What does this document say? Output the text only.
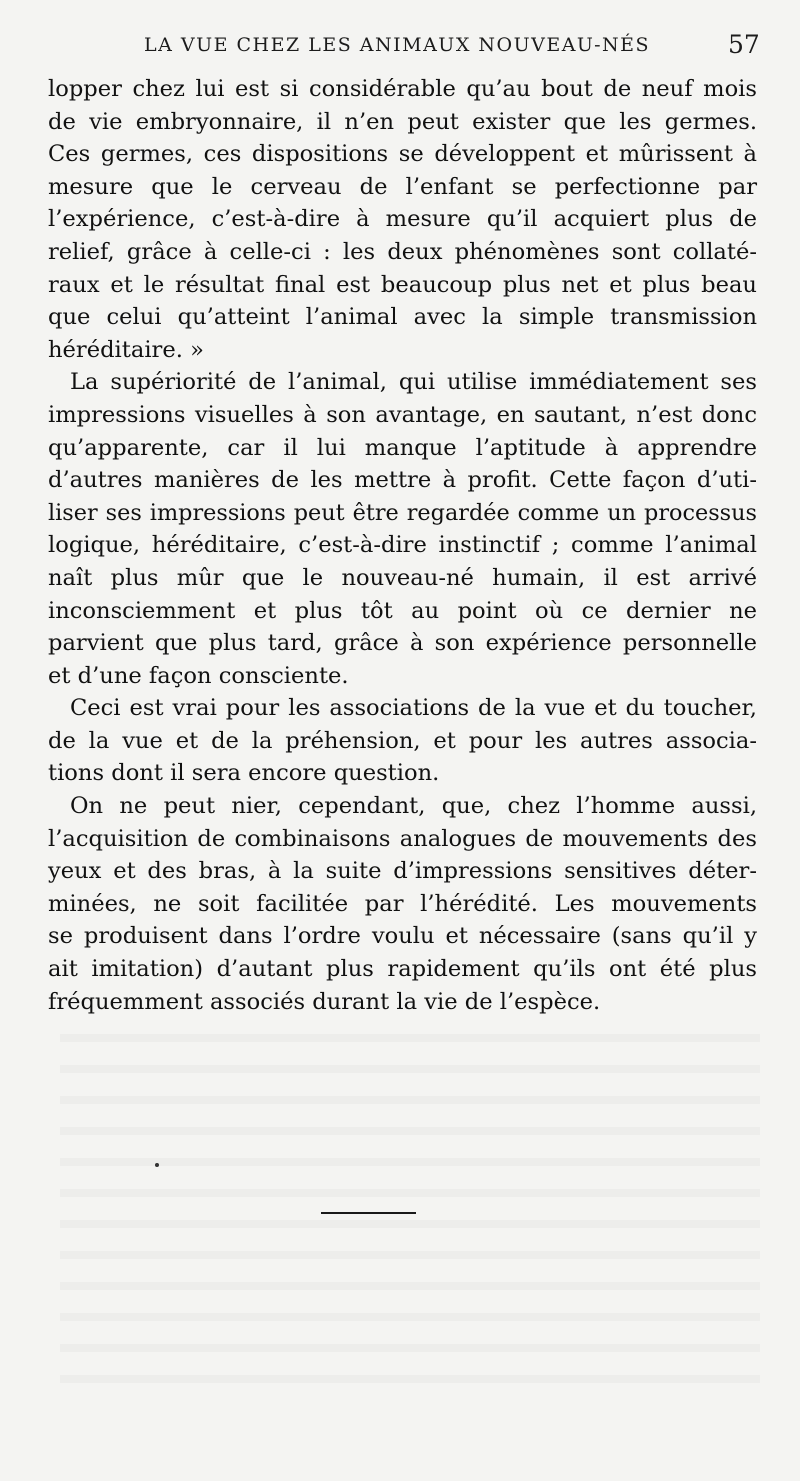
LA VUE CHEZ LES ANIMAUX NOUVEAU-NÉS	57
lopper chez lui est si considérable qu’au bout de neuf mois
de vie embryonnaire, il n’en peut exister que les germes.
Ces germes, ces dispositions se développent et mûrissent à
mesure que le cerveau de l’enfant se perfectionne par
l’expérience, c’est-à-dire à mesure qu’il acquiert plus de
relief, grâce à celle-ci : les deux phénomènes sont collaté-
raux et le résultat final est beaucoup plus net et plus beau
que celui qu’atteint l’animal avec la simple transmission
héréditaire. »
La supériorité de l’animal, qui utilise immédiatement ses
impressions visuelles à son avantage, en sautant, n’est donc
qu’apparente, car il lui manque l’aptitude à apprendre
d’autres manières de les mettre à profit. Cette façon d’uti-
liser ses impressions peut être regardée comme un processus
logique, héréditaire, c’est-à-dire instinctif ; comme l’animal
naît plus mûr que le nouveau-né humain, il est arrivé
inconsciemment et plus tôt au point où ce dernier ne
parvient que plus tard, grâce à son expérience personnelle
et d’une façon consciente.
Ceci est vrai pour les associations de la vue et du toucher,
de la vue et de la préhension, et pour les autres associa-
tions dont il sera encore question.
On ne peut nier, cependant, que, chez l’homme aussi,
l’acquisition de combinaisons analogues de mouvements des
yeux et des bras, à la suite d’impressions sensitives déter-
minées, ne soit facilitée par l’hérédité. Les mouvements
se produisent dans l’ordre voulu et nécessaire (sans qu’il y
ait imitation) d’autant plus rapidement qu’ils ont été plus
fréquemment associés durant la vie de l’espèce.
